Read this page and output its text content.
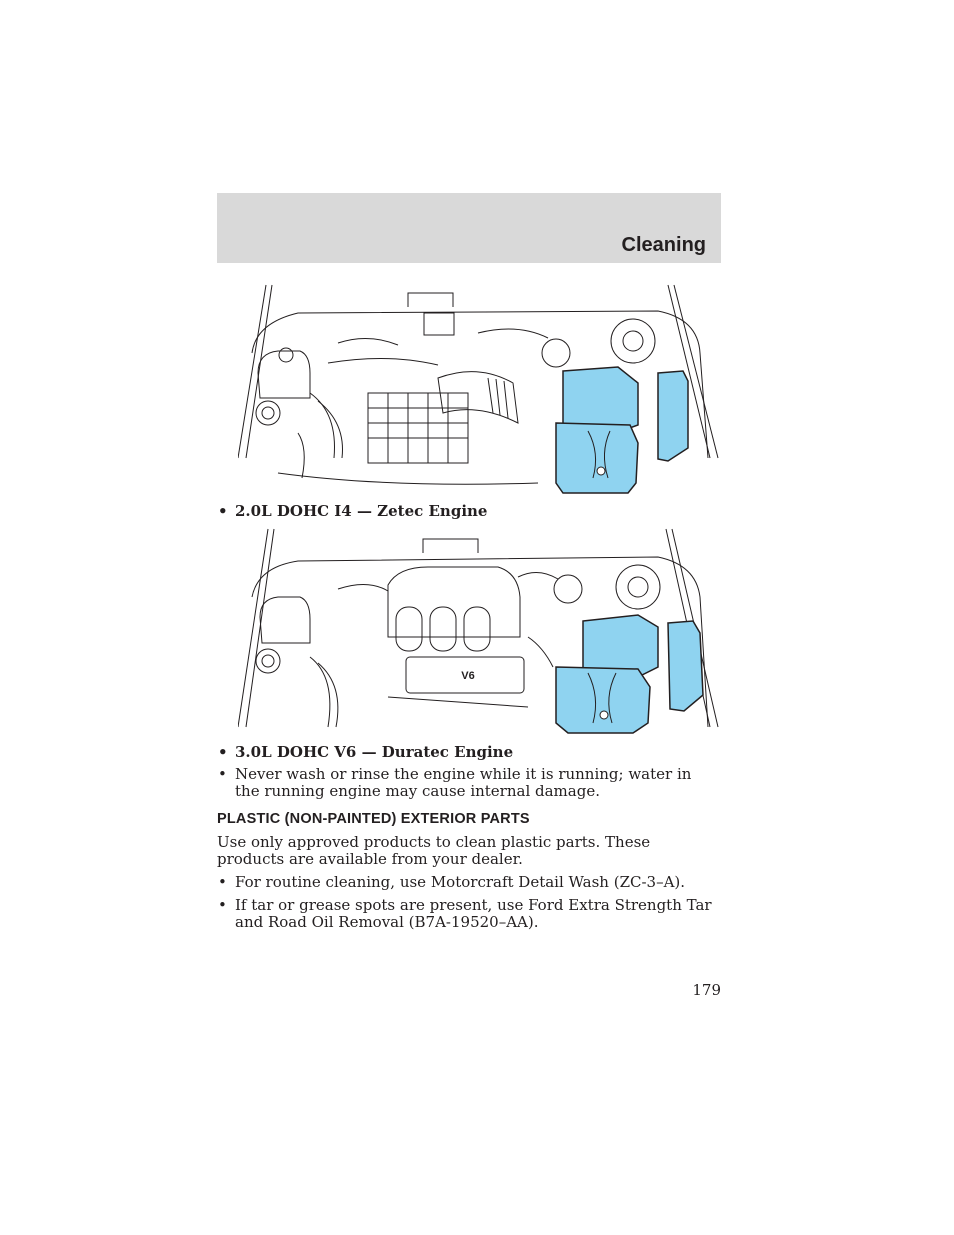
Cleaning
• 2.0L DOHC I4 — Zetec Engine
V6
• 3.0L DOHC V6 — Duratec Engine
• Never wash or rinse the engine while it is running; water in the running engine may cause internal damage.
PLASTIC (NON-PAINTED) EXTERIOR PARTS

Use only approved products to clean plastic parts. These products are available from your dealer.

• For routine cleaning, use Motorcraft Detail Wash (ZC-3–A).
• If tar or grease spots are present, use Ford Extra Strength Tar and Road Oil Removal (B7A-19520–AA).
179
